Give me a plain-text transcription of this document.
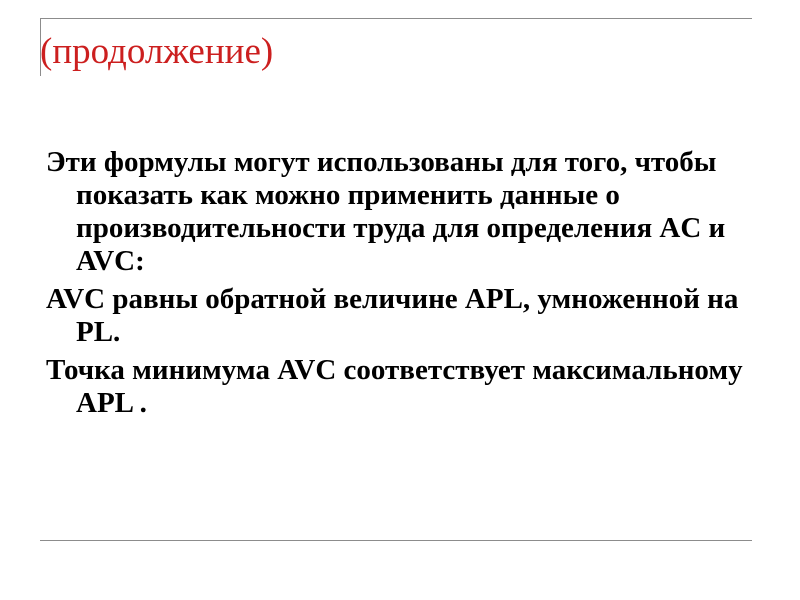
(продолжение)
Эти формулы могут использованы для того, чтобы показать как можно применить данные о производительности труда для определения AC и AVC:
AVC равны обратной величине APL, умноженной на PL.
Точка минимума AVC соответствует максимальному APL .
